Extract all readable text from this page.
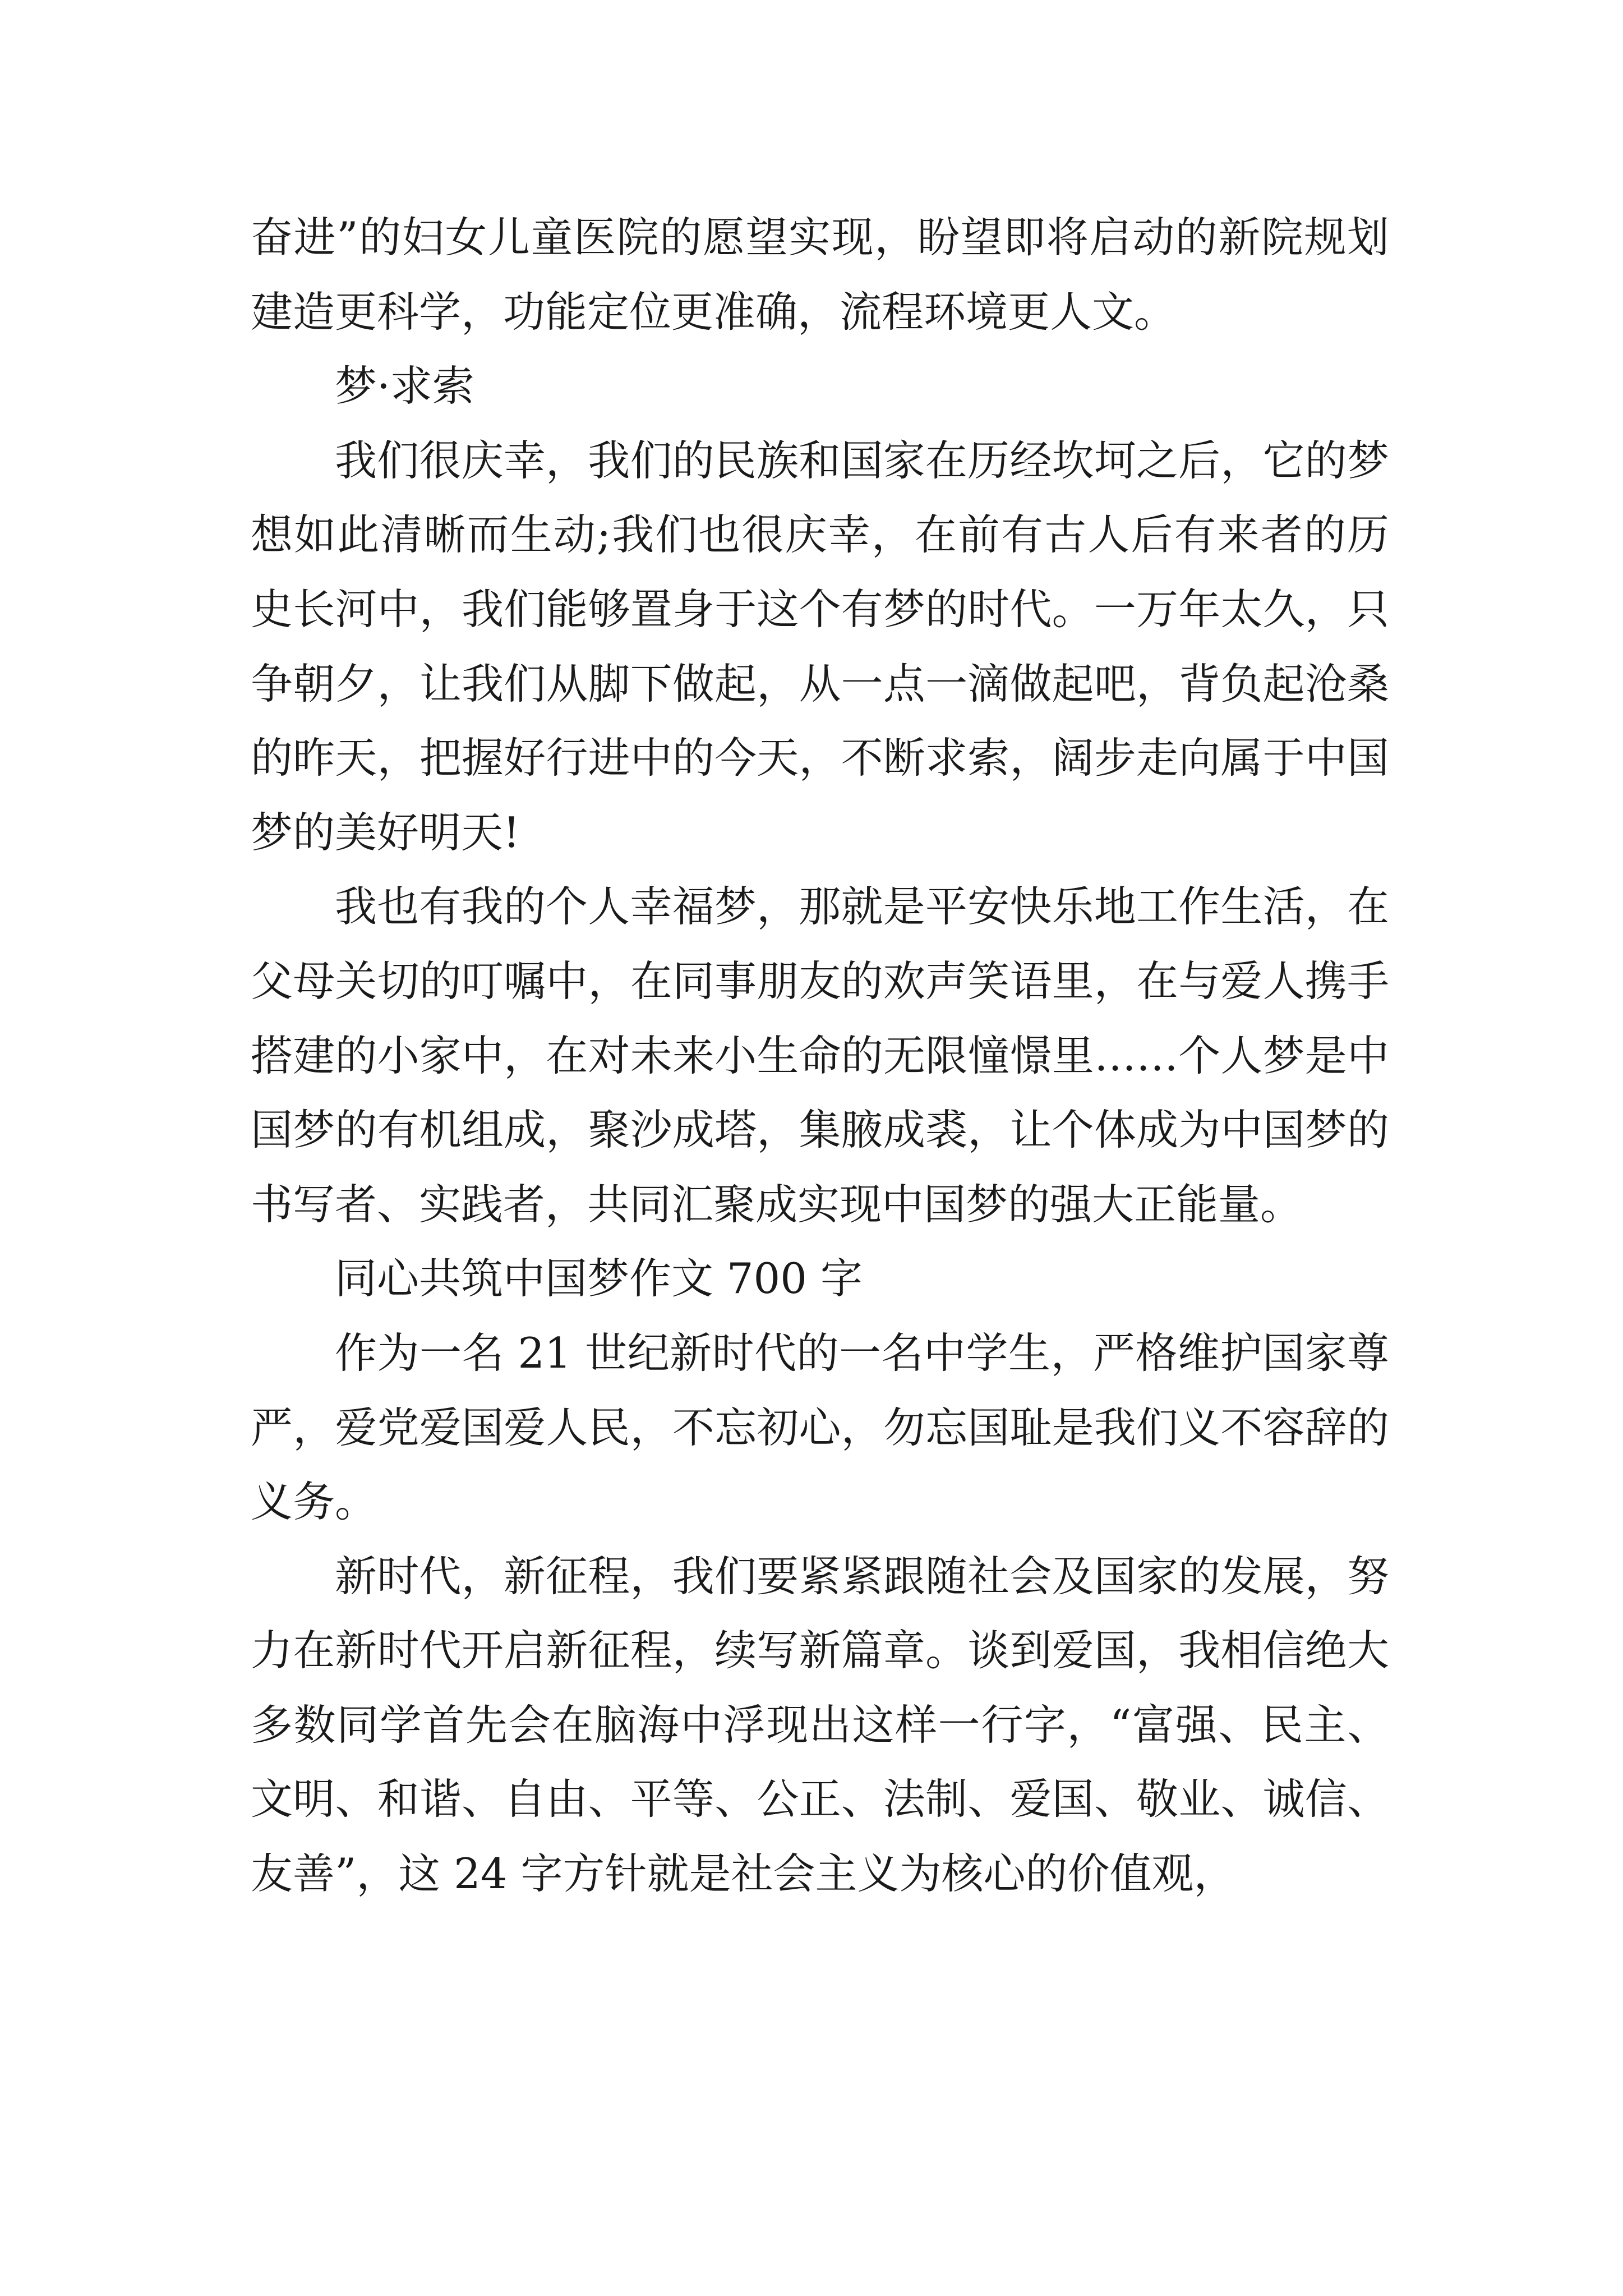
奋进”的妇女儿童医院的愿望实现，盼望即将启动的新院规划建造更科学，功能定位更准确，流程环境更人文。

梦·求索

我们很庆幸，我们的民族和国家在历经坎坷之后，它的梦想如此清晰而生动;我们也很庆幸，在前有古人后有来者的历史长河中，我们能够置身于这个有梦的时代。一万年太久，只争朝夕，让我们从脚下做起，从一点一滴做起吧，背负起沧桑的昨天，把握好行进中的今天，不断求索，阔步走向属于中国梦的美好明天!

我也有我的个人幸福梦，那就是平安快乐地工作生活，在父母关切的叮嘱中，在同事朋友的欢声笑语里，在与爱人携手搭建的小家中，在对未来小生命的无限憧憬里……个人梦是中国梦的有机组成，聚沙成塔，集腋成裘，让个体成为中国梦的书写者、实践者，共同汇聚成实现中国梦的强大正能量。

同心共筑中国梦作文 700 字

作为一名 21 世纪新时代的一名中学生，严格维护国家尊严，爱党爱国爱人民，不忘初心，勿忘国耻是我们义不容辞的义务。

新时代，新征程，我们要紧紧跟随社会及国家的发展，努力在新时代开启新征程，续写新篇章。谈到爱国，我相信绝大多数同学首先会在脑海中浮现出这样一行字，“富强、民主、文明、和谐、自由、平等、公正、法制、爱国、敬业、诚信、友善”，这 24 字方针就是社会主义为核心的价值观，
